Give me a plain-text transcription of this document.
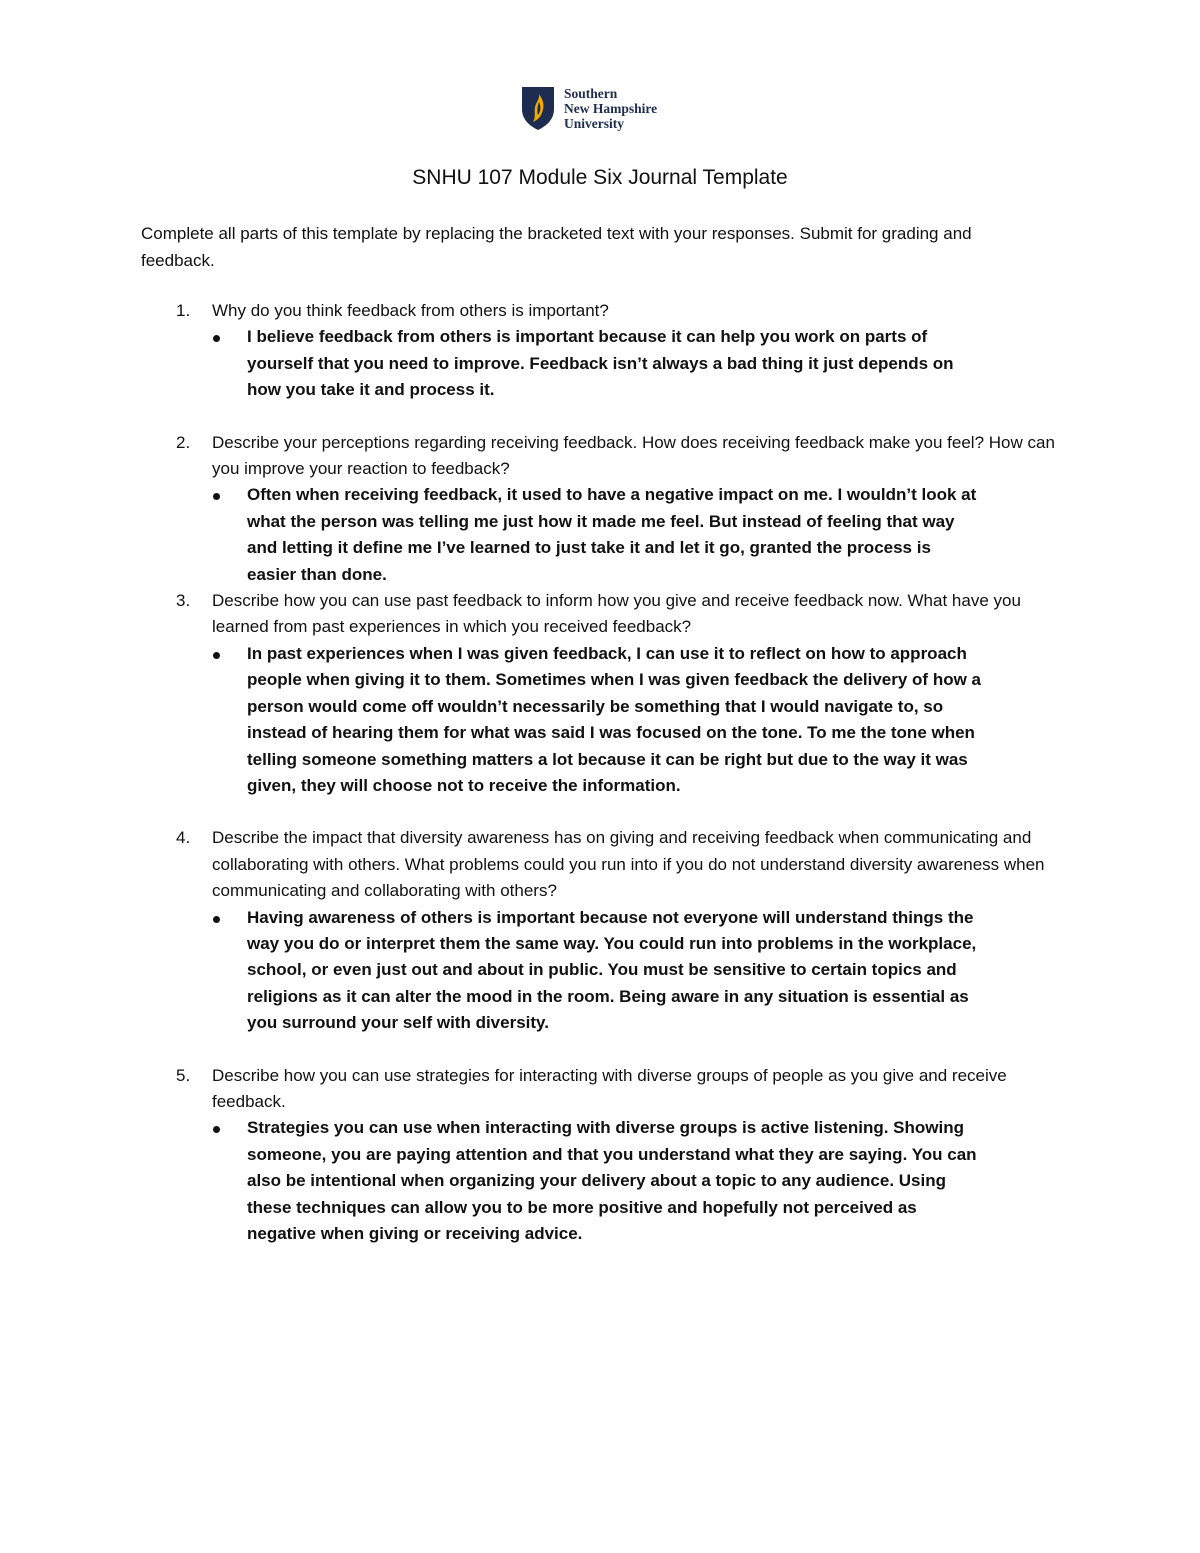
Southern
New Hampshire
University
SNHU 107 Module Six Journal Template
Complete all parts of this template by replacing the bracketed text with your responses. Submit for grading and feedback.
1. Why do you think feedback from others is important?
I believe feedback from others is important because it can help you work on parts of yourself that you need to improve. Feedback isn’t always a bad thing it just depends on how you take it and process it.
2. Describe your perceptions regarding receiving feedback. How does receiving feedback make you feel? How can you improve your reaction to feedback?
Often when receiving feedback, it used to have a negative impact on me. I wouldn’t look at what the person was telling me just how it made me feel. But instead of feeling that way and letting it define me I’ve learned to just take it and let it go, granted the process is easier than done.
3. Describe how you can use past feedback to inform how you give and receive feedback now. What have you learned from past experiences in which you received feedback?
In past experiences when I was given feedback, I can use it to reflect on how to approach people when giving it to them. Sometimes when I was given feedback the delivery of how a person would come off wouldn’t necessarily be something that I would navigate to, so instead of hearing them for what was said I was focused on the tone. To me the tone when telling someone something matters a lot because it can be right but due to the way it was given, they will choose not to receive the information.
4. Describe the impact that diversity awareness has on giving and receiving feedback when communicating and collaborating with others. What problems could you run into if you do not understand diversity awareness when communicating and collaborating with others?
Having awareness of others is important because not everyone will understand things the way you do or interpret them the same way. You could run into problems in the workplace, school, or even just out and about in public. You must be sensitive to certain topics and religions as it can alter the mood in the room. Being aware in any situation is essential as you surround your self with diversity.
5. Describe how you can use strategies for interacting with diverse groups of people as you give and receive feedback.
Strategies you can use when interacting with diverse groups is active listening. Showing someone, you are paying attention and that you understand what they are saying. You can also be intentional when organizing your delivery about a topic to any audience. Using these techniques can allow you to be more positive and hopefully not perceived as negative when giving or receiving advice.
